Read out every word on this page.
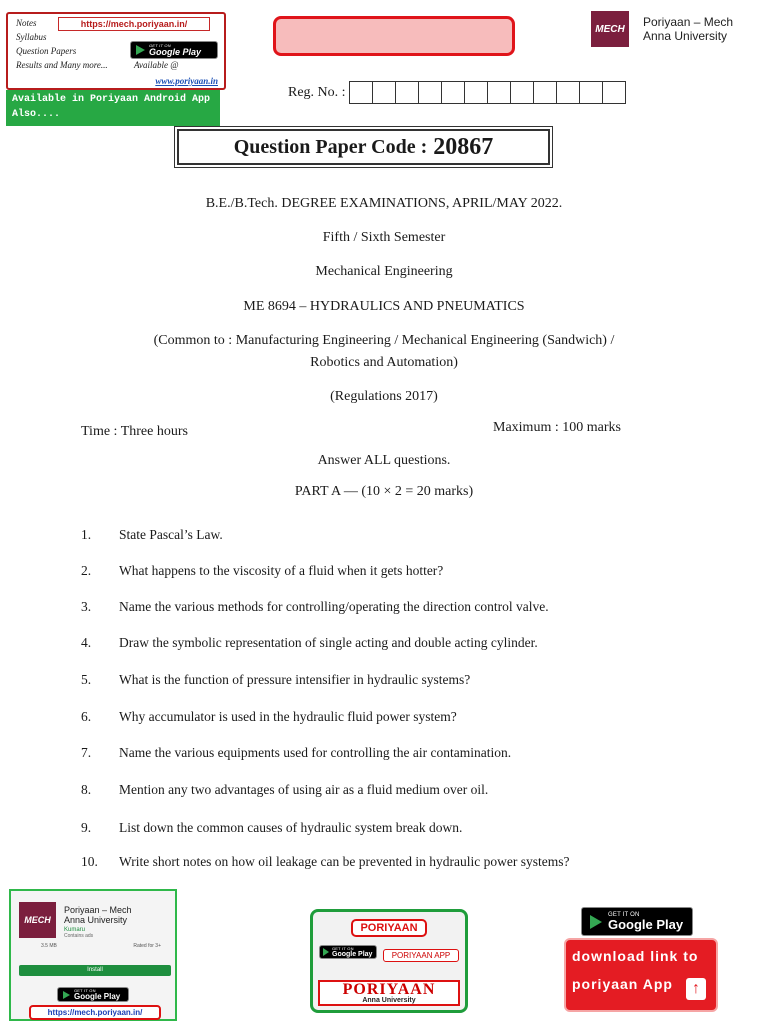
Notes	https://mech.poriyaan.in/
Syllabus
Question Papers
GET IT ON
Google Play
Results and Many more...	Available @
www.poriyaan.in
Available in Poriyaan Android App Also....
MECH	Poriyaan – Mech
Anna University
Reg. No. :
Question Paper Code : 20867
B.E./B.Tech. DEGREE EXAMINATIONS, APRIL/MAY 2022.
Fifth / Sixth Semester
Mechanical Engineering
ME 8694 – HYDRAULICS AND PNEUMATICS
(Common to : Manufacturing Engineering / Mechanical Engineering (Sandwich) /
Robotics and Automation)
(Regulations 2017)
Time : Three hours	Maximum : 100 marks
Answer ALL questions.
PART A — (10 × 2 = 20 marks)
1.	State Pascal’s Law.
2.	What happens to the viscosity of a fluid when it gets hotter?
3.	Name the various methods for controlling/operating the direction control valve.
4.	Draw the symbolic representation of single acting and double acting cylinder.
5.	What is the function of pressure intensifier in hydraulic systems?
6.	Why accumulator is used in the hydraulic fluid power system?
7.	Name the various equipments used for controlling the air contamination.
8.	Mention any two advantages of using air as a fluid medium over oil.
9.	List down the common causes of hydraulic system break down.
10.	Write short notes on how oil leakage can be prevented in hydraulic power systems?
MECH
Poriyaan – Mech
Anna University
Kumaru
Contains ads
3.5 MB	Rated for 3+
Install
GET IT ON
Google Play
https://mech.poriyaan.in/
PORIYAAN
GET IT ON
Google Play	PORIYAAN APP
PORIYAAN
Anna University
GET IT ON
Google Play
download link to
poriyaan App	↑
